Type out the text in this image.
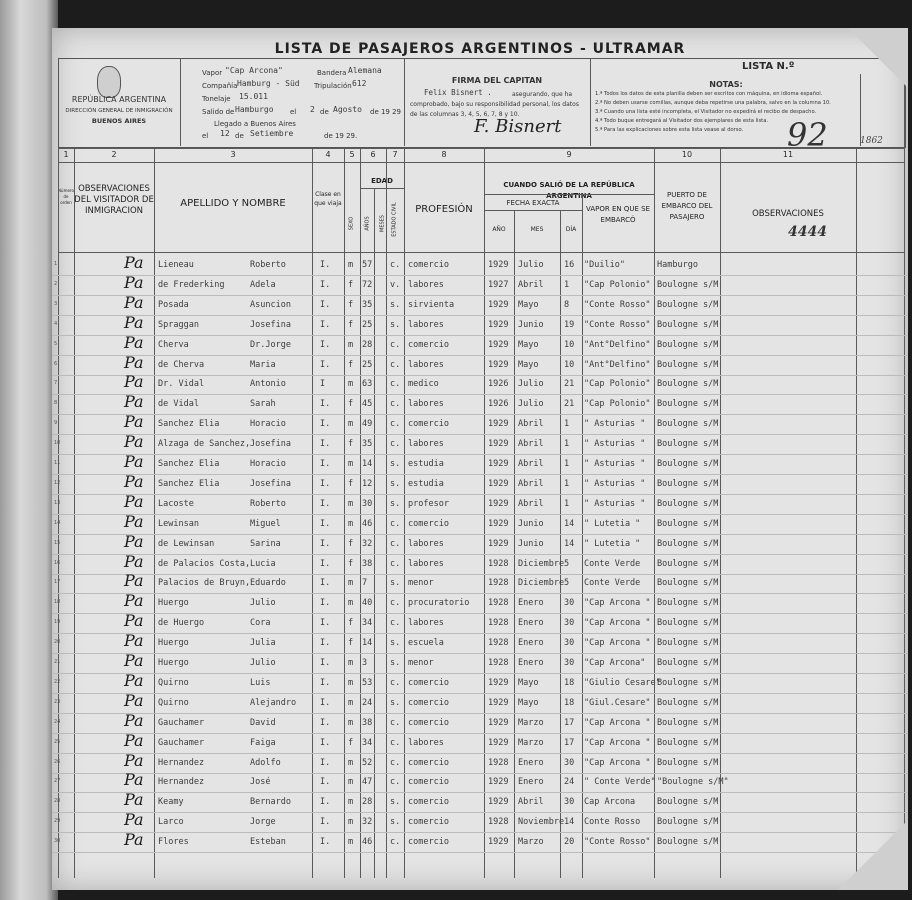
LISTA DE PASAJEROS ARGENTINOS - ULTRAMAR
LISTA N.º
REPÚBLICA ARGENTINA
DIRECCIÓN GENERAL DE INMIGRACIÓN
BUENOS AIRES
Vapor "Cap Arcona"	Bandera Alemana
Compañía Hamburg - Süd Tripulación 612
Tonelaje 15.011
Salido de Hamburgo el 2 de Agosto de 19 29
Llegado a Buenos Aires
el 12 de Setiembre	de 19 29.
FIRMA DEL CAPITAN
Felix Bisnert .	asegurando, que ha
comprobado, bajo su responsibilidad personal, los datos
de las columnas 3, 4, 5, 6, 7, 8 y 10.
F. Bisnert
NOTAS:
1.ª Todos los datos de esta planilla deben ser escritos con máquina, en idioma español.
2.ª No deben usarse comillas, aunque deba repetirse una palabra, salvo en la columna 10.
3.ª Cuando una lista esté incompleta, el Visitador no expedirá el recibo de despacho.
4.ª Todo buque entregará al Visitador dos ejemplares de esta lista.
5.ª Para las explicaciones sobre esta lista vease al dorso.	92	1862
1	2	3	4	5	6	7	8	9	10	11
Número de orden
OBSERVACIONES DEL VISITADOR DE INMIGRACION
APELLIDO Y NOMBRE
Clase en que viaja
SEXO
EDAD
AÑOS	MESES	ESTADO CIVIL	PROFESIÓN
CUANDO SALIÓ DE LA REPÚBLICA ARGENTINA
FECHA EXACTA
AÑO	MES	DÍA
VAPOR EN QUE SE EMBARCÓ
PUERTO DE EMBARCO DEL PASAJERO	OBSERVACIONES
4444
1	Pa Lieneau	Roberto	I.	m	57	c. comercio	1929	Julio	16	"Duilio"	Hamburgo
2	Pa de Frederking	Adela	I.	f	72	v. labores	1927	Abril	1	"Cap Polonio" Boulogne s/M
3	Pa Posada	Asuncion	I.	f	35	s. sirvienta	1929	Mayo	8	"Conte Rosso" Boulogne s/M
4	Pa Spraggan	Josefina	I.	f	25	s. labores	1929	Junio	19	"Conte Rosso" Boulogne s/M
5	Pa Cherva	Dr.Jorge	I.	m	28	c. comercio	1929	Mayo	10	"Ant°Delfino" Boulogne s/M
6	Pa de Cherva	Maria	I.	f	25	c. labores	1929	Mayo	10	"Ant°Delfino" Boulogne s/M
7	Pa Dr. Vidal	Antonio	I	m	63	c. medico	1926	Julio	21	"Cap Polonio" Boulogne s/M
8	Pa de Vidal	Sarah	I.	f	45	c. labores	1926	Julio	21	"Cap Polonio" Boulogne s/M
9	Pa Sanchez Elia	Horacio	I.	m	49	c. comercio	1929	Abril	1	" Asturias "	Boulogne s/M
10	Pa Alzaga de Sanchez, Josefina	I.	f	35	c. labores	1929	Abril	1	" Asturias "	Boulogne s/M
11	Pa Sanchez Elia	Horacio	I.	m	14	s. estudia	1929	Abril	1	" Asturias "	Boulogne s/M
12	Pa Sanchez Elia	Josefina	I.	f	12	s. estudia	1929	Abril	1	" Asturias "	Boulogne s/M
13	Pa Lacoste	Roberto	I.	m	30	s. profesor	1929	Abril	1	" Asturias "	Boulogne s/M
14	Pa Lewinsan	Miguel	I.	m	46	c. comercio	1929	Junio	14	" Lutetia "	Boulogne s/M
15	Pa de Lewinsan	Sarina	I.	f	32	c. labores	1929	Junio	14	" Lutetia "	Boulogne s/M
16	Pa de Palacios Costa, Lucia	I.	f	38	c. labores	1928	Diciembre 5	Conte Verde	Boulogne s/M
17	Pa Palacios de Bruyn, Eduardo	I.	m	7	s. menor	1928	Diciembre 5	Conte Verde	Boulogne s/M
18	Pa Huergo	Julio	I.	m	40	c. procuratorio	1928	Enero	30	"Cap Arcona " Boulogne s/M
19	Pa de Huergo	Cora	I.	f	34	c. labores	1928	Enero	30	"Cap Arcona " Boulogne s/M
20	Pa Huergo	Julia	I.	f	14	s. escuela	1928	Enero	30	"Cap Arcona " Boulogne s/M
21	Pa Huergo	Julio	I.	m	3	s. menor	1928	Enero	30	"Cap Arcona"	Boulogne s/M
22	Pa Quirno	Luis	I.	m	53	c. comercio	1929	Mayo	18	"Giulio Cesare"
Boulogne s/M
23	Pa Quirno	Alejandro	I.	m	24	s. comercio	1929	Mayo	18	"Giul.Cesare" Boulogne s/M
24	Pa Gauchamer	David	I.	m	38	c. comercio	1929	Marzo	17	"Cap Arcona " Boulogne s/M
25	Pa Gauchamer	Faiga	I.	f	34	c. labores	1929	Marzo	17	"Cap Arcona " Boulogne s/M
26	Pa Hernandez	Adolfo	I.	m	52	c. comercio	1928	Enero	30	"Cap Arcona " Boulogne s/M
27	Pa Hernandez	José	I.	m	47	c. comercio	1929	Enero	24	" Conte Verde" "Boulogne s/M"
28	Pa Keamy	Bernardo	I.	m	28	s. comercio	1929	Abril	30	Cap Arcona	Boulogne s/M
29	Pa Larco	Jorge	I.	m	32	s. comercio	1928	Noviembre 14	Conte Rosso	Boulogne s/M
30	Pa Flores	Esteban	I.	m	46	c. comercio	1929	Marzo	20	"Conte Rosso" Boulogne s/M
